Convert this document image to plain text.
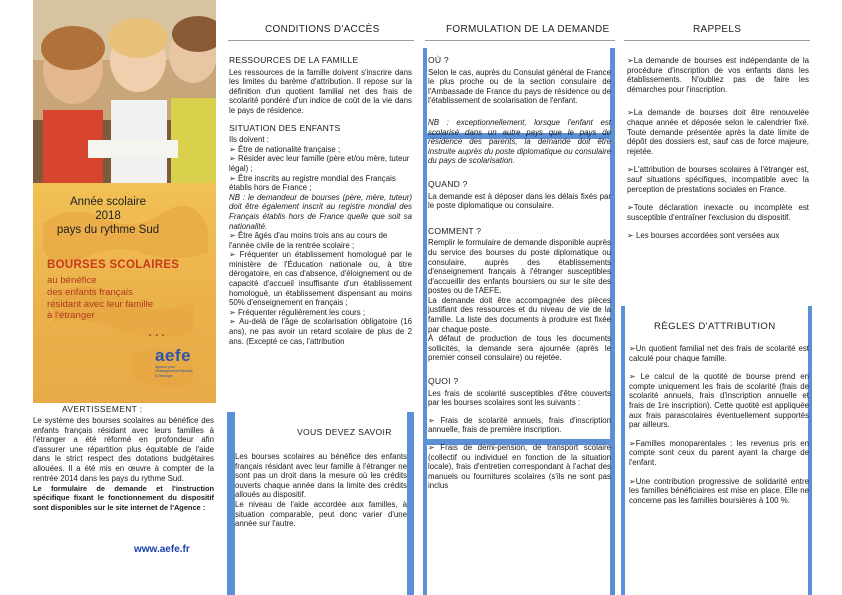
Année scolaire
2018
pays du rythme Sud
BOURSES SCOLAIRES
au bénéfice
des enfants français
résidant avec leur famille
à l'étranger
...
aefe
Agence pour l'enseignement français à l'étranger
AVERTISSEMENT :
Le système des bourses scolaires au bénéfice des enfants français résidant avec leurs familles à l'étranger a été réformé en profondeur afin d'assurer une répartition plus équitable de l'aide dans le strict respect des dotations budgétaires allouées. Il a été mis en œuvre à compter de la rentrée 2014 dans les pays du rythme Sud.
Le formulaire de demande et l'instruction spécifique fixant le fonctionnement du dispositif sont disponibles sur le site internet de l'Agence :
www.aefe.fr
CONDITIONS D'ACCÈS	FORMULATION DE LA DEMANDE	RAPPELS
RESSOURCES DE LA FAMILLE

Les ressources de la famille doivent s'inscrire dans les limites du barème d'attribution. Il repose sur la définition d'un quotient familial net des frais de scolarité pondéré d'un indice de coût de la vie dans le pays de résidence.

SITUATION DES ENFANTS
Ils doivent :
➢ Être de nationalité française ;
➢ Résider avec leur famille (père et/ou mère, tuteur légal) ;
➢ Être inscrits au registre mondial des Français établis hors de France ;
NB : le demandeur de bourses (père, mère, tuteur) doit être également inscrit au registre mondial des Français établis hors de France quelle que soit sa nationalité.
➢ Être âgés d'au moins trois ans au cours de l'année civile de la rentrée scolaire ;
➢ Fréquenter un établissement homologué par le ministère de l'Éducation nationale ou, à titre dérogatoire, en cas d'absence, d'éloignement ou de capacité d'accueil insuffisante d'un établissement homologué, un établissement dispensant au moins 50% d'enseignement en français ;
➢ Fréquenter régulièrement les cours ;
➢ Au-delà de l'âge de scolarisation obligatoire (16 ans), ne pas avoir un retard scolaire de plus de 2 ans. (Excepté ce cas, l'attribution
VOUS DEVEZ SAVOIR

Les bourses scolaires au bénéfice des enfants français résidant avec leur famille à l'étranger ne sont pas un droit dans la mesure où les crédits ouverts chaque année dans la limite des crédits alloués au dispositif.

Le niveau de l'aide accordée aux familles, à situation comparable, peut donc varier d'une année sur l'autre.

OÙ ?

Selon le cas, auprès du Consulat général de France le plus proche ou de la section consulaire de l'Ambassade de France du pays de résidence ou de l'établissement de scolarisation de l'enfant.

NB : exceptionnellement, lorsque l'enfant est scolarisé dans un autre pays que le pays de résidence des parents, la demande doit être instruite auprès du poste diplomatique ou consulaire du pays de scolarisation.

QUAND ?

La demande est à déposer dans les délais fixés par le poste diplomatique ou consulaire.

COMMENT ?

Remplir le formulaire de demande disponible auprès du service des bourses du poste diplomatique ou consulaire, auprès des établissements d'enseignement français à l'étranger susceptibles d'accueillir des enfants boursiers ou sur le site des postes ou de l'AEFE.

La demande doit être accompagnée des pièces justifiant des ressources et du niveau de vie de la famille. La liste des documents à produire est fixée par chaque poste.

À défaut de production de tous les documents sollicités, la demande sera ajournée (après le premier conseil consulaire) ou rejetée.

QUOI ?

Les frais de scolarité susceptibles d'être couverts par les bourses scolaires sont les suivants :

➢ Frais de scolarité annuels, frais d'inscription annuelle, frais de première inscription.
➢ Frais de demi-pension, de transport scolaire (collectif ou individuel en fonction de la situation locale), frais d'entretien correspondant à l'achat des manuels ou fournitures scolaires (s'ils ne sont pas inclus
➢La demande de bourses est indépendante de la procédure d'inscription de vos enfants dans les établissements. N'oubliez pas de faire les démarches pour l'inscription.
➢La demande de bourses doit être renouvelée chaque année et déposée selon le calendrier fixé. Toute demande présentée après la date limite de dépôt des dossiers est, sauf cas de force majeure, rejetée.
➢L'attribution de bourses scolaires à l'étranger est, sauf situations spécifiques, incompatible avec la perception de prestations sociales en France.
➢Toute déclaration inexacte ou incomplète est susceptible d'entraîner l'exclusion du dispositif.
➢ Les bourses accordées sont versées aux
RÈGLES D'ATTRIBUTION
➢Un quotient familial net des frais de scolarité est calculé pour chaque famille.
➢ Le calcul de la quotité de bourse prend en compte uniquement les frais de scolarité (frais de scolarité annuels, frais d'inscription annuelle et frais de 1re inscription). Cette quotité est appliquée aux frais parascolaires éventuellement supportés par ailleurs.
➢Familles monoparentales : les revenus pris en compte sont ceux du parent ayant la charge de l'enfant.
➢Une contribution progressive de solidarité entre les familles bénéficiaires est mise en place. Elle ne concerne pas les familles boursières à 100 %.
